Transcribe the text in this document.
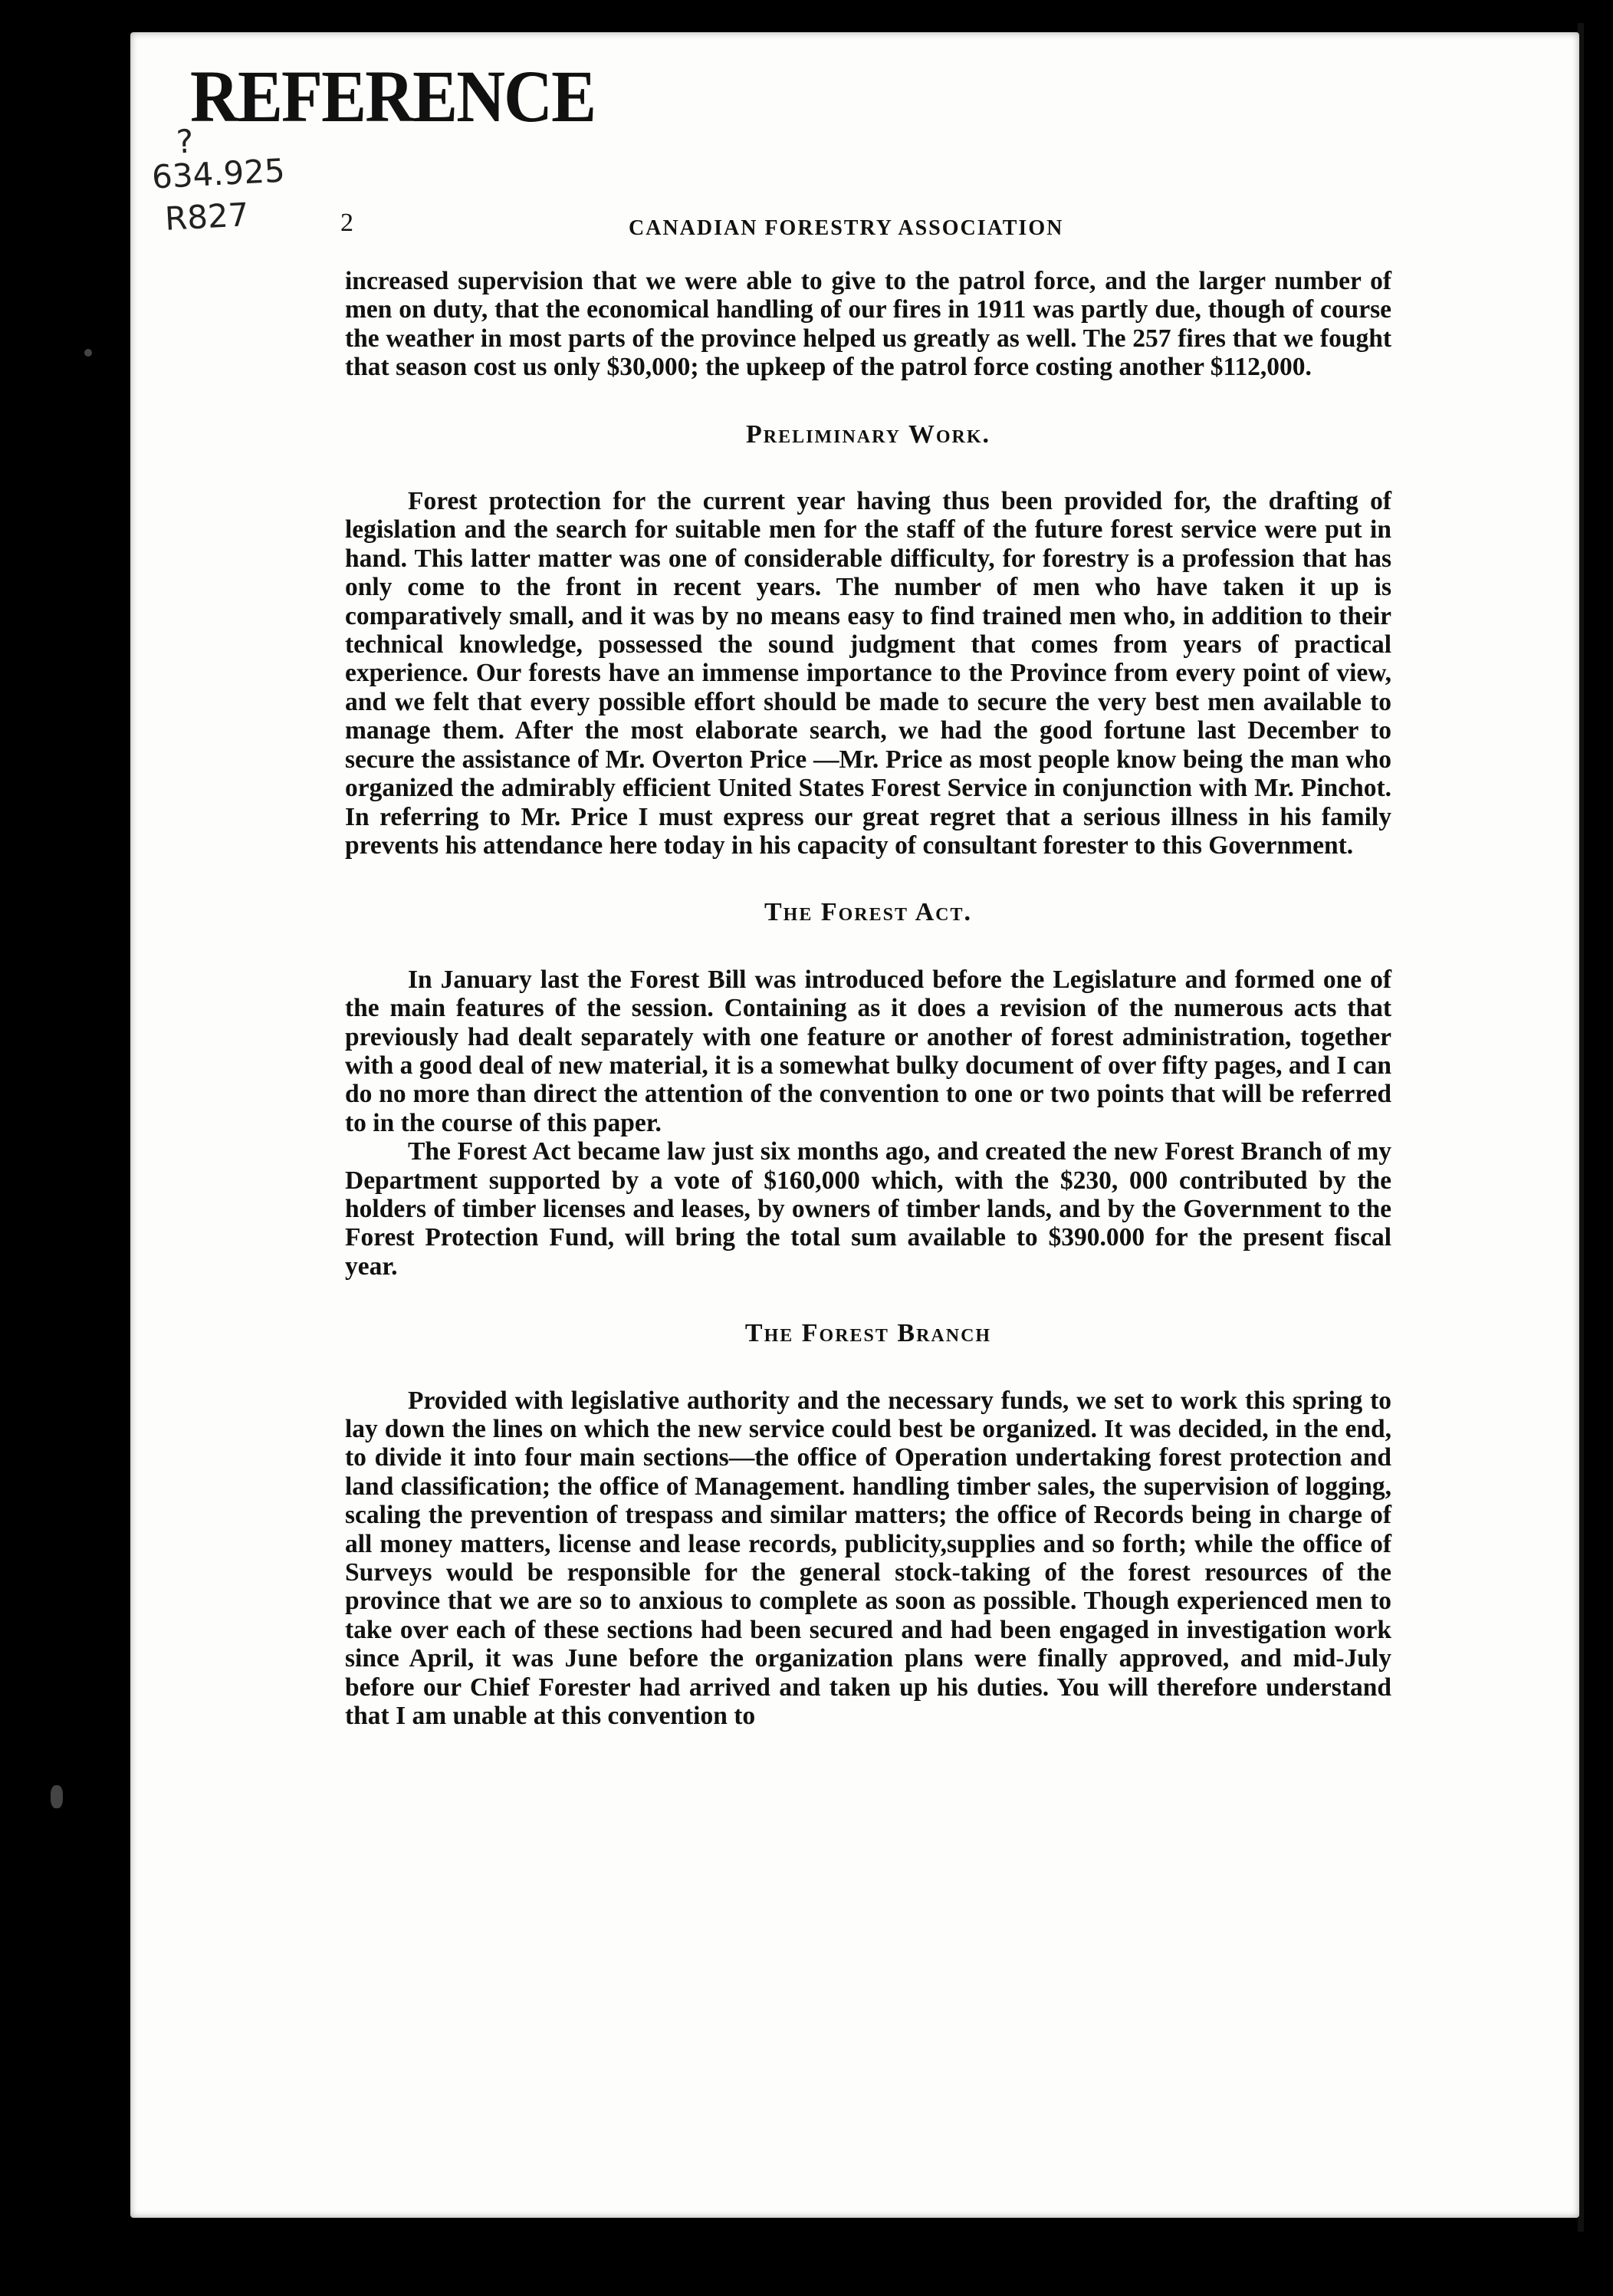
REFERENCE
?
634.925
R827	2	CANADIAN FORESTRY ASSOCIATION

increased supervision that we were able to give to the patrol force, and the larger number of men on duty, that the economical handling of our fires in 1911 was partly due, though of course the weather in most parts of the province helped us greatly as well. The 257 fires that we fought that season cost us only $30,000; the upkeep of the patrol force costing another $112,000.

Preliminary Work.

Forest protection for the current year having thus been provided for, the drafting of legislation and the search for suitable men for the staff of the future forest service were put in hand. This latter matter was one of considerable difficulty, for forestry is a profession that has only come to the front in recent years. The number of men who have taken it up is comparatively small, and it was by no means easy to find trained men who, in addition to their technical knowledge, possessed the sound judgment that comes from years of practical experience. Our forests have an immense importance to the Province from every point of view, and we felt that every possible effort should be made to secure the very best men available to manage them. After the most elaborate search, we had the good fortune last December to secure the assistance of Mr. Overton Price —Mr. Price as most people know being the man who organized the admirably efficient United States Forest Service in conjunction with Mr. Pinchot. In referring to Mr. Price I must express our great regret that a serious illness in his family prevents his attendance here today in his capacity of consultant forester to this Government.

The Forest Act.

In January last the Forest Bill was introduced before the Legislature and formed one of the main features of the session. Containing as it does a revision of the numerous acts that previously had dealt separately with one feature or another of forest administration, together with a good deal of new material, it is a somewhat bulky document of over fifty pages, and I can do no more than direct the attention of the convention to one or two points that will be referred to in the course of this paper.

The Forest Act became law just six months ago, and created the new Forest Branch of my Department supported by a vote of $160,000 which, with the $230, 000 contributed by the holders of timber licenses and leases, by owners of timber lands, and by the Government to the Forest Protection Fund, will bring the total sum available to $390.000 for the present fiscal year.

The Forest Branch

Provided with legislative authority and the necessary funds, we set to work this spring to lay down the lines on which the new service could best be organized. It was decided, in the end, to divide it into four main sections—the office of Operation undertaking forest protection and land classification; the office of Management. handling timber sales, the supervision of logging, scaling the prevention of trespass and similar matters; the office of Records being in charge of all money matters, license and lease records, publicity,supplies and so forth; while the office of Surveys would be responsible for the general stock-taking of the forest resources of the province that we are so to anxious to complete as soon as possible. Though experienced men to take over each of these sections had been secured and had been engaged in investigation work since April, it was June before the organization plans were finally approved, and mid-July before our Chief Forester had arrived and taken up his duties. You will therefore understand that I am unable at this convention to
